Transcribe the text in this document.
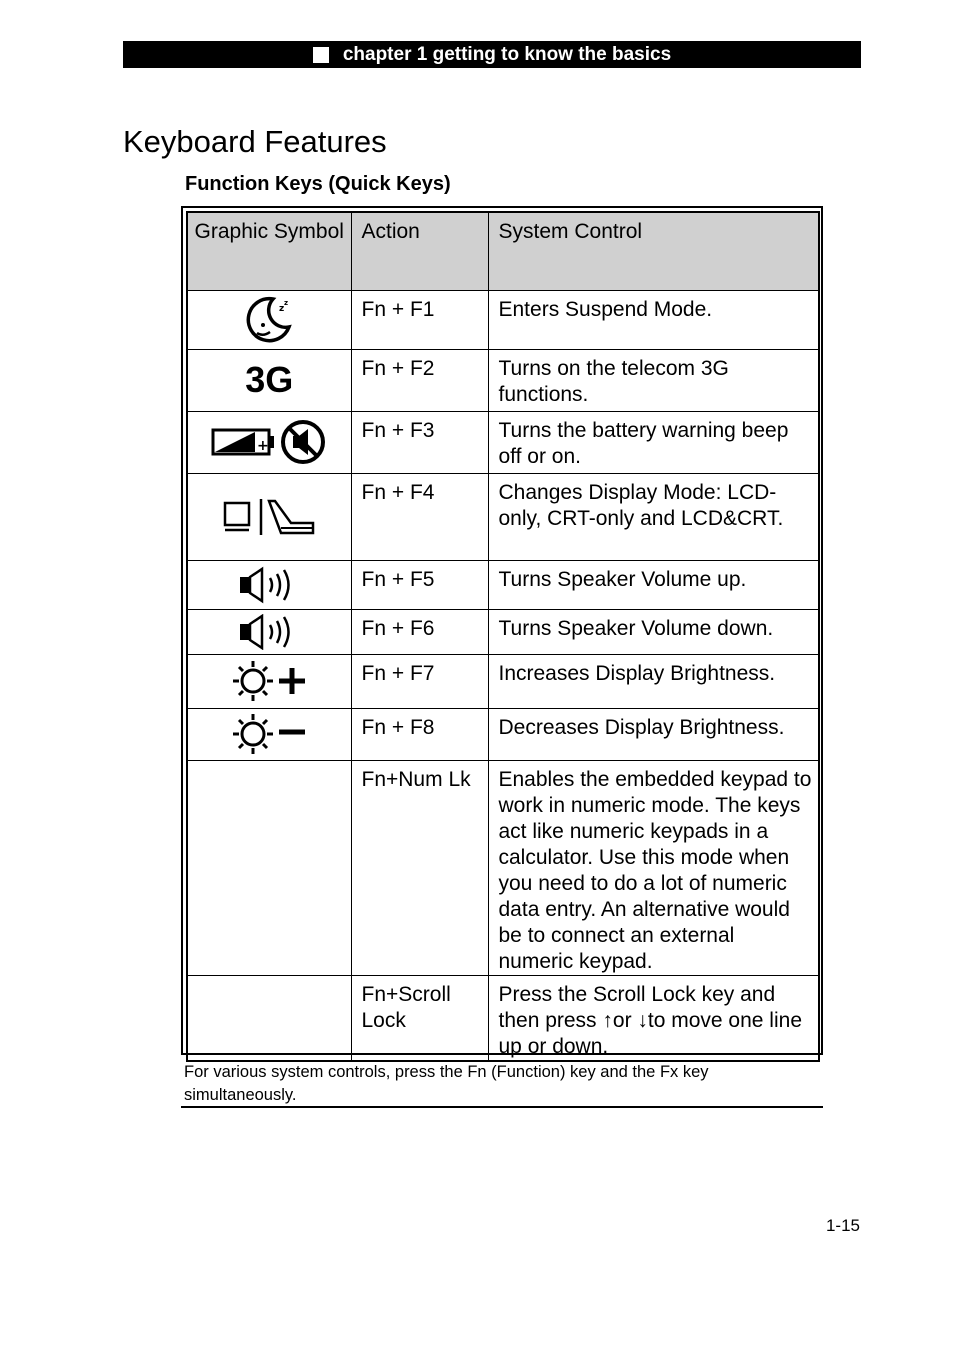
chapter 1 getting to know the basics
Keyboard Features
Function Keys (Quick Keys)
Graphic Symbol	Action	System Control

z
z	Fn + F1	Enters Suspend Mode.
3G	Fn + F2	Turns on the telecom 3G functions.

+	Fn + F3	Turns the battery warning beep off or on.

	Fn + F4	Changes Display Mode: LCD-only, CRT-only and LCD&CRT.

	Fn + F5	Turns Speaker Volume up.

	Fn + F6	Turns Speaker Volume down.

	Fn + F7	Increases Display Brightness.

	Fn + F8	Decreases Display Brightness.
	Fn+Num Lk	Enables the embedded keypad to work in numeric mode. The keys act like numeric keypads in a calculator. Use this mode when you need to do a lot of numeric data entry. An alternative would be to connect an external numeric keypad.
	Fn+Scroll Lock	Press the Scroll Lock key and then press ↑or ↓to move one line up or down.
For various system controls, press the Fn (Function) key and the Fx key simultaneously.
1-15
